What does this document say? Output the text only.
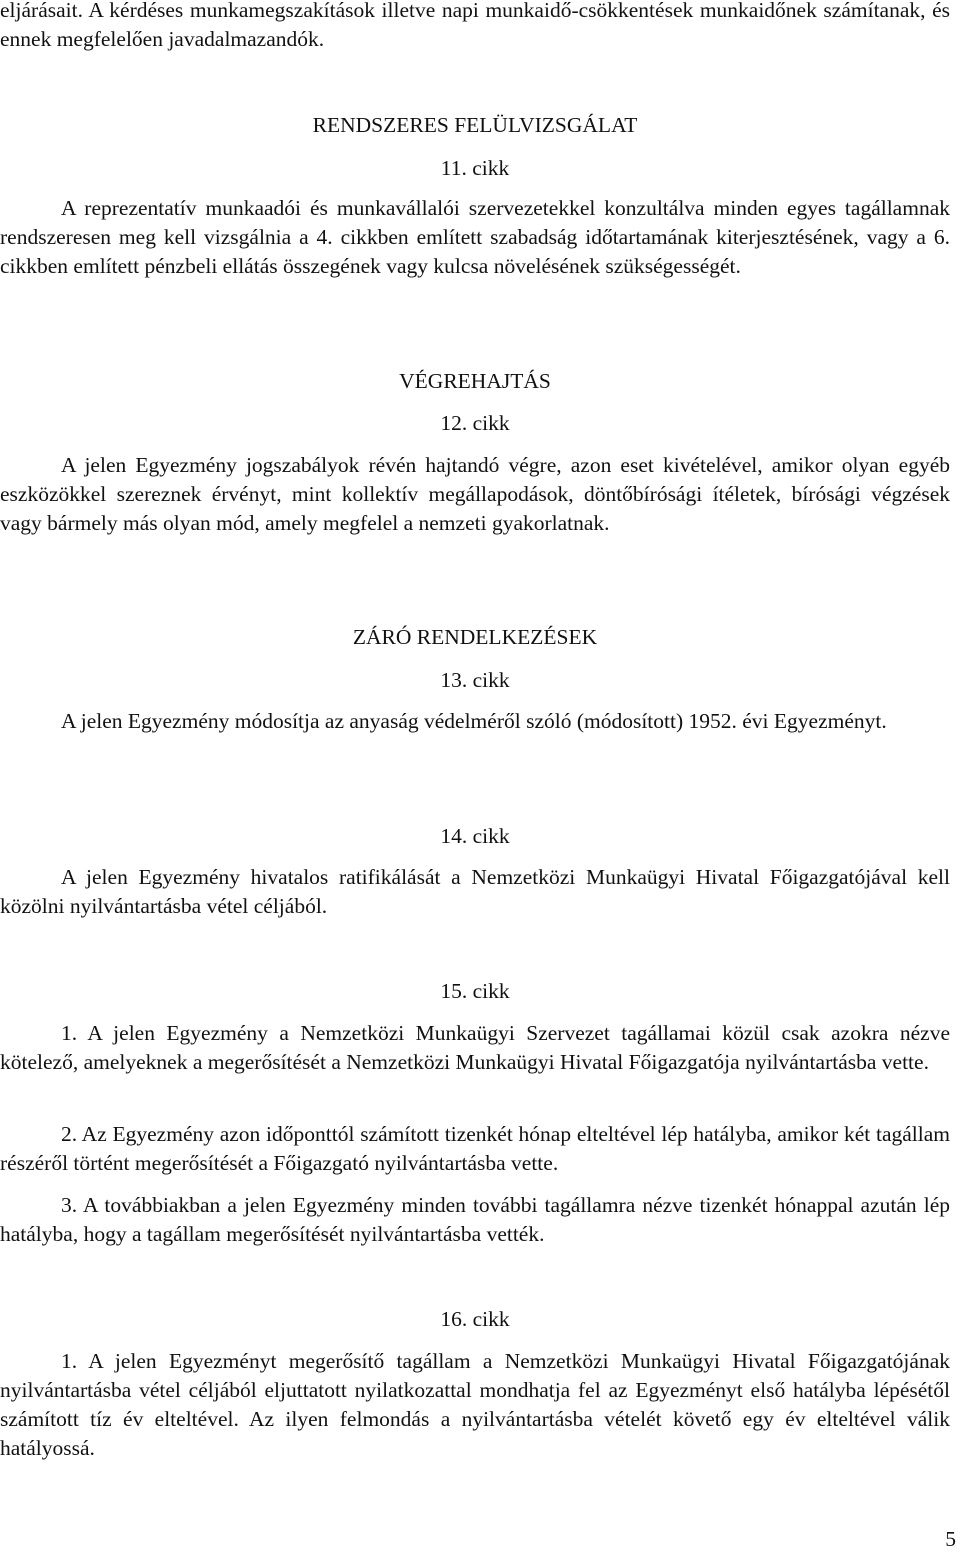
eljárásait. A kérdéses munkamegszakítások illetve napi munkaidő-csökkentések munkaidőnek számítanak, és ennek megfelelően javadalmazandók.

RENDSZERES FELÜLVIZSGÁLAT
11. cikk

A reprezentatív munkaadói és munkavállalói szervezetekkel konzultálva minden egyes tagállamnak rendszeresen meg kell vizsgálnia a 4. cikkben említett szabadság időtartamának kiterjesztésének, vagy a 6. cikkben említett pénzbeli ellátás összegének vagy kulcsa növelésének szükségességét.

VÉGREHAJTÁS
12. cikk

A jelen Egyezmény jogszabályok révén hajtandó végre, azon eset kivételével, amikor olyan egyéb eszközökkel szereznek érvényt, mint kollektív megállapodások, döntőbírósági ítéletek, bírósági végzések vagy bármely más olyan mód, amely megfelel a nemzeti gyakorlatnak.

ZÁRÓ RENDELKEZÉSEK
13. cikk

A jelen Egyezmény módosítja az anyaság védelméről szóló (módosított) 1952. évi Egyezményt.

14. cikk

A jelen Egyezmény hivatalos ratifikálását a Nemzetközi Munkaügyi Hivatal Főigazgatójával kell közölni nyilvántartásba vétel céljából.

15. cikk

1. A jelen Egyezmény a Nemzetközi Munkaügyi Szervezet tagállamai közül csak azokra nézve kötelező, amelyeknek a megerősítését a Nemzetközi Munkaügyi Hivatal Főigazgatója nyilvántartásba vette.

2. Az Egyezmény azon időponttól számított tizenkét hónap elteltével lép hatályba, amikor két tagállam részéről történt megerősítését a Főigazgató nyilvántartásba vette.

3. A továbbiakban a jelen Egyezmény minden további tagállamra nézve tizenkét hónappal azután lép hatályba, hogy a tagállam megerősítését nyilvántartásba vették.

16. cikk

1. A jelen Egyezményt megerősítő tagállam a Nemzetközi Munkaügyi Hivatal Főigazgatójának nyilvántartásba vétel céljából eljuttatott nyilatkozattal mondhatja fel az Egyezményt első hatályba lépésétől számított tíz év elteltével. Az ilyen felmondás a nyilvántartásba vételét követő egy év elteltével válik hatályossá.

5
